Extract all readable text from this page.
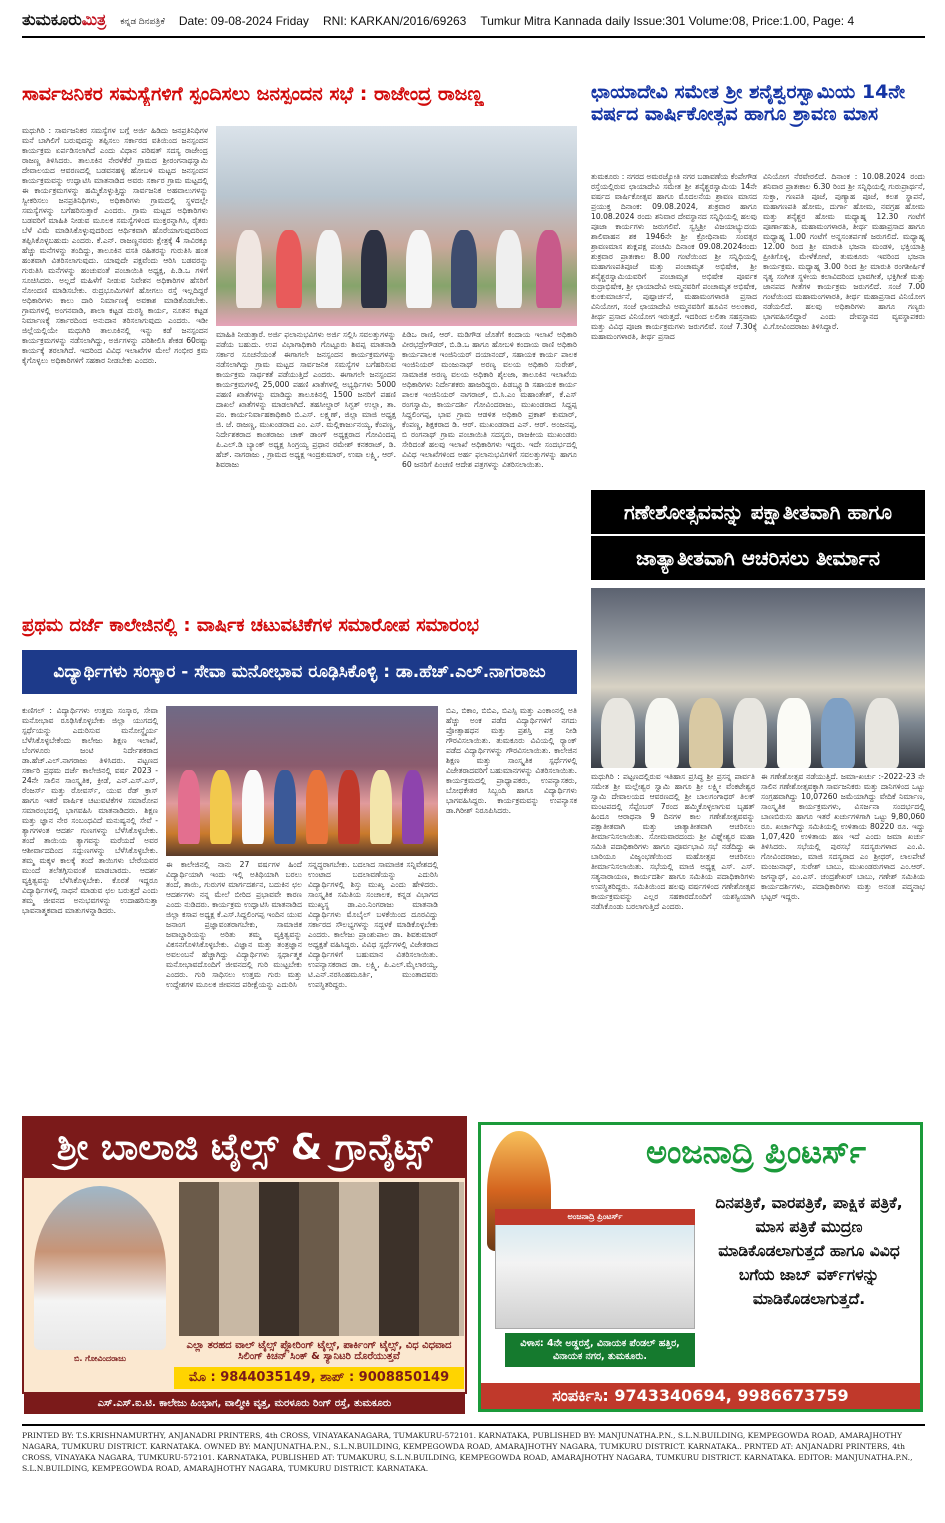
ತುಮಕೂರುಮಿತ್ರ ಕನ್ನಡ ದಿನಪತ್ರಿಕೆ Date: 09-08-2024 Friday RNI: KARKAN/2016/69263 Tumkur Mitra Kannada daily Issue:301 Volume:08, Price:1.00, Page: 4
ಸಾರ್ವಜನಿಕರ ಸಮಸ್ಯೆಗಳಿಗೆ ಸ್ಪಂದಿಸಲು ಜನಸ್ಪಂದನ ಸಭೆ : ರಾಜೇಂದ್ರ ರಾಜಣ್ಣ
ಮಧುಗಿರಿ : ಸಾರ್ವಜನಿಕರ ಸಮಸ್ಯೆಗಳ ಬಗ್ಗೆ ಅರ್ಜಿ ಹಿಡಿದು ಜನಪ್ರತಿನಿಧಿಗಳ ಮನೆ ಬಾಗಿಲಿಗೆ ಬರುವುದನ್ನು ತಪ್ಪಿಸಲು ಸರ್ಕಾರದ ವತಿಯಿಂದ ಜನಸ್ಪಂದನ ಕಾರ್ಯಕ್ರಮ ಏರ್ಪಡಿಸಲಾಗಿದೆ ಎಂದು ವಿಧಾನ ಪರಿಷತ್ ಸದಸ್ಯ ರಾಜೇಂದ್ರ ರಾಜಣ್ಣ ತಿಳಿಸಿದರು. ತಾಲೂಕಿನ ನೇರಳೆಕೆರೆ ಗ್ರಾಮದ ಶ್ರೀರಂಗನಾಥಸ್ವಾಮಿ ದೇವಾಲಯದ ಆವರಣದಲ್ಲಿ ಬಡವನಹಳ್ಳಿ ಹೋಬಳಿ ಮಟ್ಟದ ಜನಸ್ಪಂದನ ಕಾರ್ಯಕ್ರಮವನ್ನು ಉದ್ಘಾಟಿಸಿ ಮಾತನಾಡಿದ ಅವರು ಸರ್ಕಾರ ಗ್ರಾಮ ಮಟ್ಟದಲ್ಲಿ ಈ ಕಾರ್ಯಕ್ರಮಗಳನ್ನು ಹಮ್ಮಿಕೊಳ್ಳುತ್ತಿದ್ದು ಸಾರ್ವಜನಿಕ ಅಹವಾಲುಗಳನ್ನು ಸ್ವೀಕರಿಸಲು ಜನಪ್ರತಿನಿಧಿಗಳು, ಅಧಿಕಾರಿಗಳು ಗ್ರಾಮದಲ್ಲಿ ಸ್ಥಳದಲ್ಲೇ ಸಮಸ್ಯೆಗಳನ್ನು ಬಗೆಹರಿಸುತ್ತಾರೆ ಎಂದರು. ಗ್ರಾಮ ಮಟ್ಟದ ಅಧಿಕಾರಿಗಳು ಬಡವರಿಗೆ ಮಾಹಿತಿ ನೀಡುವ ಮೂಲಕ ಸಮಸ್ಯೆಗಳಿಂದ ಮುಕ್ತರನ್ನಾಗಿಸಿ, ರೈತರು ಬೆಳೆ ವಿಮೆ ಮಾಡಿಸಿಕೊಳ್ಳುವುದರಿಂದ ಆರ್ಥಿಕವಾಗಿ ಹೊರೆಯಾಗುವುದರಿಂದ ತಪ್ಪಿಸಿಕೊಳ್ಳಬಹುದು ಎಂದರು. ಕೆ.ಎನ್. ರಾಜಣ್ಣನವರು ಕ್ಷೇತ್ರಕ್ಕೆ 4 ಸಾವಿರಕ್ಕೂ ಹೆಚ್ಚು ಮನೆಗಳನ್ನು ತಂದಿದ್ದು, ತಾಲೂಕಿನ ವಸತಿ ರಹಿತರನ್ನು ಗುರುತಿಸಿ ಹಂತ ಹಂತವಾಗಿ ವಿತರಿಸಲಾಗುವುದು. ಯಾವುದೇ ಪಕ್ಷವೆಂದು ಆರಿಸಿ ಬಡವರನ್ನು ಗುರುತಿಸಿ ಮನೆಗಳನ್ನು ಹಂಚುವಂತೆ ಪಂಚಾಯಿತಿ ಅಧ್ಯಕ್ಷ, ಪಿ.ಡಿ.ಒ ಗಳಿಗೆ ಸೂಚಿಸಿದರು. ಅಲ್ಲದೆ ಮಹಿಳೆಗೆ ನೀಡುವ ನಿವೇಶನ ಅಧಿಕಾರಿಗಳ ಹೆಸರಿಗೆ ನೋಂದಣಿ ಮಾಡಿಸಬೇಕು. ರುದ್ರಭೂಮಿಗಳಿಗೆ ಹೋಗಲು ರಸ್ತೆ ಇಲ್ಲದಿದ್ದರೆ ಅಧಿಕಾರಿಗಳು ಕಾಲು ದಾರಿ ನಿರ್ಮಾಣಕ್ಕೆ ಅವಕಾಶ ಮಾಡಿಕೊಡಬೇಕು. ಗ್ರಾಮಗಳಲ್ಲಿ ಅಂಗನವಾಡಿ, ಶಾಲಾ ಕಟ್ಟಡ ದುರಸ್ಥಿ ಕಾರ್ಯ, ನೂತನ ಕಟ್ಟಡ ನಿರ್ಮಾಣಕ್ಕೆ ಸರ್ಕಾರದಿಂದ ಅನುದಾನ ತರಿಸಲಾಗುವುದು ಎಂದರು. ಇಡೀ ಜಿಲ್ಲೆಯಲ್ಲಿಯೇ ಮಧುಗಿರಿ ತಾಲೂಕಿನಲ್ಲಿ ಇನ್ನು ಕಡೆ ಜನಸ್ಪಂದನ ಕಾರ್ಯಕ್ರಮಗಳನ್ನು ನಡೆಸಲಾಗಿದ್ದು, ಅರ್ಜಿಗಳನ್ನು ಪರಿಶೀಲಿಸಿ ಶೇಕಡ 60ರಷ್ಟು ಕಾರ್ಯಕ್ಕೆ ತರಲಾಗಿದೆ. ಇದರಿಂದ ವಿವಿಧ ಇಲಾಖೆಗಳ ಮೇಲೆ ಗಂಭೀರ ಕ್ರಮ ಕೈಗೊಳ್ಳಲು ಅಧಿಕಾರಿಗಳಿಗೆ ಸಹಕಾರ ನೀಡಬೇಕು ಎಂದರು.
ಮಾಹಿತಿ ನೀಡುತ್ತಾರೆ. ಅರ್ಜಿ ಫಲಾನುಭವಿಗಳು ಅರ್ಜಿ ಸಲ್ಲಿಸಿ ಸವಲತ್ತುಗಳನ್ನು ಪಡೆಯ ಬಹುದು. ಉಪ ವಿಭಾಗಾಧಿಕಾರಿ ಗೊಟ್ಟೂರು ಶಿವಪ್ಪ ಮಾತನಾಡಿ ಸರ್ಕಾರ ಸೂಚನೆಯಂತೆ ಈಗಾಗಲೇ ಜನಸ್ಪಂದನ ಕಾರ್ಯಕ್ರಮಗಳನ್ನು ನಡೆಸಲಾಗಿದ್ದು ಗ್ರಾಮ ಮಟ್ಟದ ಸಾರ್ವಜನಿಕ ಸಮಸ್ಯೆಗಳ ಬಗೆಹರಿಸುವ ಕಾರ್ಯಕ್ರಮ ಸಾರ್ಥಕತೆ ಪಡೆಯುತ್ತಿದೆ ಎಂದರು. ಈಗಾಗಲೇ ಜನಸ್ಪಂದನ ಕಾರ್ಯಕ್ರಮಗಳಲ್ಲಿ 25,000 ಪಹಣಿ ಖಾತೆಗಳಲ್ಲಿ ಅಭ್ಯರ್ಥಿಗಳು 5000 ಪಹಣಿ ಖಾತೆಗಳನ್ನು ಮಾಡಿದ್ದು ತಾಲೂಕಿನಲ್ಲಿ 1500 ಜನರಿಗೆ ಪಹಣಿ ದಾಖಲೆ ಖಾತೆಗಳನ್ನು ಮಾಡಲಾಗಿದೆ. ತಹಸೀಲ್ದಾರ್ ಸಿಗ್ಬತ್ ಉಲ್ಲಾ, ತಾ. ಪಂ. ಕಾರ್ಯನಿರ್ವಾಹಕಾಧಿಕಾರಿ ಬಿ.ಎಸ್. ಲಕ್ಷ್ಮಣ್, ಜಿಲ್ಲಾ ಮಾಜಿ ಅಧ್ಯಕ್ಷ ಜಿ. ಜೆ. ರಾಜಣ್ಣ, ಮುಖಂಡರಾದ ಎಂ. ಎಸ್. ಮಲ್ಲಿಕಾರ್ಜುನಯ್ಯ, ಕೆಂಪಣ್ಣ, ನಿರ್ದೇಶಕರಾದ ಕಾಂತರಾಜು ಚಾಕ್ ಡಾಂಗ್ ಅಧ್ಯಕ್ಷರಾದ ಗೋವಿಂದಪ್ಪ ಪಿ.ಎಲ್.ಡಿ ಬ್ಯಾಂಕ್ ಅಧ್ಯಕ್ಷ ಸಿಂಗ್ರಯ್ಯ ಪ್ರಧಾನ ರಮೇಶ್ ಕನಕರಾಜ್, ಡಿ. ಹೆಚ್. ನಾಗರಾಜು , ಗ್ರಾಮದ ಅಧ್ಯಕ್ಷ ಇಂದ್ರಕುಮಾರ್, ಉಷಾ ಲಕ್ಷ್ಮಿ, ಆರ್. ಶಿವರಾಜು
ಪಿಡಿಒ ರಾಣಿ, ಆರ್. ಮಡಿಗೌಡ ಜೊತೆಗೆ ಕಂದಾಯ ಇಲಾಖೆ ಅಧಿಕಾರಿ ವೀರಭದ್ರೇಗೌಡರ್, ಬಿ.ಡಿ.ಒ ಹಾಗೂ ಹೋಬಳಿ ಕಂದಾಯ ಠಾಣಿ ಅಧಿಕಾರಿ ಕಾರ್ಯಪಾಲಕ ಇಂಜಿನಿಯರ್ ದಯಾನಂದ್, ಸಹಾಯಕ ಕಾರ್ಯ ಪಾಲಕ ಇಂಜಿನಿಯರ್ ಮಂಜುನಾಥ್ ಅರಣ್ಯ ವಲಯ ಅಧಿಕಾರಿ ಸುರೇಶ್, ಸಾಮಾಜಿಕ ಅರಣ್ಯ ವಲಯ ಅಧಿಕಾರಿ ಶೈಲಜಾ, ತಾಲೂಕಿನ ಇಲಾಖೆಯ ಅಧಿಕಾರಿಗಳು ನಿರ್ದೇಶಕರು ಹಾಜರಿದ್ದರು. ಪಿಡಬ್ಲ್ಯೂಡಿ ಸಹಾಯಕ ಕಾರ್ಯ ಪಾಲಕ ಇಂಜಿನಿಯರ್ ನಾಗರಾಜ್, ಬಿ.ಸಿ.ಎಂ ಮಹಾಂತೇಶ್, ಕೆ.ಎಸ್ ರಂಗಸ್ವಾಮಿ, ಕಾರ್ಯದರ್ಶಿ ಗೋವಿಂದರಾಜು, ಮುಖಂಡರಾದ ಸಿದ್ದಪ್ಪ ಸಿದ್ದಲಿಂಗಪ್ಪ, ಭಾವ ಗ್ರಾಮ ಆಡಳಿತ ಅಧಿಕಾರಿ ಪ್ರಕಾಶ್ ಕುಮಾರ್, ಕೆಂಪಣ್ಣ, ಶಿಕ್ಷಕರಾದ ಡಿ. ಆರ್. ಮುಖಂಡರಾದ ಎನ್. ಆರ್. ಅಂಜನಪ್ಪ, ಬಿ ರಂಗನಾಥ್ ಗ್ರಾಮ ಪಂಚಾಯಿತಿ ಸದಸ್ಯರು, ರಾಜಕೀಯ ಮುಖಂಡರು ಸೇರಿದಂತೆ ಹಲವು ಇಲಾಖೆ ಅಧಿಕಾರಿಗಳು ಇದ್ದರು. ಇದೇ ಸಂದರ್ಭದಲ್ಲಿ ವಿವಿಧ ಇಲಾಖೆಗಳಿಂದ ಅರ್ಹ ಫಲಾನುಭವಿಗಳಿಗೆ ಸವಲತ್ತುಗಳನ್ನು ಹಾಗೂ 60 ಜನರಿಗೆ ಪಿಂಚಣಿ ಆದೇಶ ಪತ್ರಗಳನ್ನು ವಿತರಿಸಲಾಯಿತು.
ಛಾಯಾದೇವಿ ಸಮೇತ ಶ್ರೀ ಶನೈಶ್ವರಸ್ವಾಮಿಯ 14ನೇ ವರ್ಷದ ವಾರ್ಷಿಕೋತ್ಸವ ಹಾಗೂ ಶ್ರಾವಣ ಮಾಸ
ತುಮಕೂರು : ನಗರದ ಅಮರಜ್ಯೋತಿ ನಗರ ಬಡಾವಣೆಯ ಕೆಂಪೇಗೌಡ ರಸ್ತೆಯಲ್ಲಿರುವ ಛಾಯಾದೇವಿ ಸಮೇತ ಶ್ರೀ ಶನೈಶ್ಚರಸ್ವಾಮಿಯ 14ನೇ ವರ್ಷದ ವಾರ್ಷಿಕೋತ್ಸವ ಹಾಗೂ ಮೊದಲನೆಯ ಶ್ರಾವಣ ಮಾಸದ ಪ್ರಯುಕ್ತ ದಿನಾಂಕ: 09.08.2024, ಶುಕ್ರವಾರ ಹಾಗೂ 10.08.2024 ರಂದು ಶನಿವಾರ ದೇವಸ್ಥಾನದ ಸನ್ನಿಧಿಯಲ್ಲಿ ಹಲವು ಪೂಜಾ ಕಾರ್ಯಗಳು ಜರುಗಲಿವೆ. ಸ್ವಸ್ತಿಶ್ರೀ ವಿಜಯಾಭ್ಯುದಯ ಶಾಲಿವಾಹನ ಶಕ 1946ನೇ ಶ್ರೀ ಕ್ರೋಧಿನಾಮ ಸಂವತ್ಸರ ಶ್ರಾವಣಮಾಸ ಶುಕ್ಲಪಕ್ಷ ಪಂಚಮಿ ದಿನಾಂಕ 09.08.2024ರಂದು ಶುಕ್ರವಾರ ಪ್ರಾತಃಕಾಲ 8.00 ಗಂಟೆಯಿಂದ ಶ್ರೀ ಸನ್ನಿಧಿಯಲ್ಲಿ ಮಹಾಗಣಪತಿಪೂಜೆ ಮತ್ತು ಪಂಚಾಮೃತ ಅಭಿಷೇಕ, ಶ್ರೀ ಶನೈಶ್ಚರಸ್ವಾಮಿಯವರಿಗೆ ಪಂಚಾಮೃತ ಅಭಿಷೇಕ ಪೂರ್ವಕ ರುದ್ರಾಭಿಷೇಕ, ಶ್ರೀ ಛಾಯಾದೇವಿ ಅಮ್ಮನವರಿಗೆ ಪಂಚಾಮೃತ ಅಭಿಷೇಕ, ಕುಂಕುಮಾರ್ಚನೆ, ಪುಷ್ಪಾರ್ಚನೆ, ಮಹಾಮಂಗಳಾರತಿ ಪ್ರಸಾದ ವಿನಿಯೋಗ, ಸಂಜೆ ಛಾಯಾದೇವಿ ಅಮ್ಮನವರಿಗೆ ಹೂವಿನ ಅಲಂಕಾರ, ತೀರ್ಥ ಪ್ರಸಾದ ವಿನಿಯೋಗ ಇರುತ್ತದೆ. ಇದರಿಂದ ಲಲಿತಾ ಸಹಸ್ರನಾಮ ಮತ್ತು ವಿವಿಧ ಪೂಜಾ ಕಾರ್ಯಕ್ರಮಗಳು ಜರುಗಲಿವೆ. ಸಂಜೆ 7.30ಕ್ಕೆ ಮಹಾಮಂಗಳಾರತಿ, ತೀರ್ಥ ಪ್ರಸಾದ
ವಿನಿಯೋಗ ನೆರವೇರಲಿದೆ. ದಿನಾಂಕ : 10.08.2024 ರಂದು ಶನಿವಾರ ಪ್ರಾತಃಕಾಲ 6.30 ರಿಂದ ಶ್ರೀ ಸನ್ನಿಧಿಯಲ್ಲಿ ಗುರುಪ್ರಾರ್ಥನೆ, ಸುಕ್ತಾ, ಗಣಪತಿ ಪೂಜೆ, ಪುಣ್ಯಾಹ ಪೂಜೆ, ಕಲಶ ಸ್ಥಾಪನೆ, ಮಹಾಗಣಪತಿ ಹೋಮ, ದುರ್ಗಾ ಹೋಮ, ನವಗ್ರಹ ಹೋಮ ಮತ್ತು ಶನೈಶ್ಚರ ಹೋಮ ಮಧ್ಯಾಹ್ನ 12.30 ಗಂಟೆಗೆ ಪೂರ್ಣಾಹುತಿ, ಮಹಾಮಂಗಳಾರತಿ, ತೀರ್ಥ ಮಹಾಪ್ರಸಾದ ಹಾಗೂ ಮಧ್ಯಾಹ್ನ 1.00 ಗಂಟೆಗೆ ಅನ್ನಸಂತರ್ಪಣೆ ಜರುಗಲಿದೆ. ಮಧ್ಯಾಹ್ನ 12.00 ರಿಂದ ಶ್ರೀ ಮಾರುತಿ ಭಜನಾ ಮಂಡಳಿ, ಭಕ್ತಿಯಾತ್ರಿ ಪ್ರೀತಿಗೊಳ್ಳಿ, ಮೇಳೆಕೋಟೆ, ತುಮಕೂರು ಇವರಿಂದ ಭಜನಾ ಕಾರ್ಯಕ್ರಮ. ಮಧ್ಯಾಹ್ನ 3.00 ರಿಂದ ಶ್ರೀ ಮಾರುತಿ ರಂಗಶೀರ್ಷಿಕೆ ನೃತ್ಯ ಸಂಗೀತ ಸ್ಥಳೀಯ ಕಲಾವಿದರಿಂದ ಭಾವಗೀತೆ, ಭಕ್ತಿಗೀತೆ ಮತ್ತು ಜಾನಪದ ಗೀತೆಗಳ ಕಾರ್ಯಕ್ರಮ ಜರುಗಲಿದೆ. ಸಂಜೆ 7.00 ಗಂಟೆಯಿಂದ ಮಹಾಮಂಗಳಾರತಿ, ತೀರ್ಥ ಮಹಾಪ್ರಸಾದ ವಿನಿಯೋಗ ನಡೆಯಲಿದೆ. ಹಲವು ಅಧಿಕಾರಿಗಳು ಹಾಗೂ ಗಣ್ಯರು ಭಾಗವಹಿಸಲಿದ್ದಾರೆ ಎಂದು ದೇವಸ್ಥಾನದ ವ್ಯವಸ್ಥಾಪಕರು ವಿ.ಗೋವಿಂದರಾಜು ತಿಳಿಸಿದ್ದಾರೆ.
ಗಣೇಶೋತ್ಸವವನ್ನು ಪಕ್ಷಾತೀತವಾಗಿ ಹಾಗೂ
ಜಾತ್ಯಾತೀತವಾಗಿ ಆಚರಿಸಲು ತೀರ್ಮಾನ
ಮಧುಗಿರಿ : ಪಟ್ಟಣದಲ್ಲಿರುವ ಇತಿಹಾಸ ಪ್ರಸಿದ್ಧ ಶ್ರೀ ಪ್ರಸನ್ನ ಪಾರ್ವತಿ ಸಮೇತ ಶ್ರೀ ಮಲ್ಲೇಶ್ವರ ಸ್ವಾಮಿ ಹಾಗೂ ಶ್ರೀ ಲಕ್ಷ್ಮೀ ವೆಂಕಟೇಶ್ವರ ಸ್ವಾಮಿ ದೇವಾಲಯದ ಆವರಣದಲ್ಲಿ ಶ್ರೀ ಬಾಲಗಂಗಾಧರ್ ತಿಲಕ್ ಮಂಟಪದಲ್ಲಿ ಸೆಪ್ಟೆಂಬರ್ 7ರಂದ ಹಮ್ಮಿಕೊಳ್ಳಲಾಗುವ ಬೃಹತ್ ಹಿಂದೂ ಆರಾಧನಾ 9 ದಿನಗಳ ಕಾಲ ಗಣೇಶೋತ್ಸವವನ್ನು ಪಕ್ಷಾತೀತವಾಗಿ ಮತ್ತು ಜಾತ್ಯಾತೀತವಾಗಿ ಆಚರಿಸಲು ತೀರ್ಮಾನಿಸಲಾಯಿತು. ಸೋಮವಾರದಂದು ಶ್ರೀ ವಿಘ್ನೇಶ್ವರ ಮಹಾ ಸಮಿತಿ ಪದಾಧಿಕಾರಿಗಳು ಹಾಗೂ ಪೂರ್ವಭಾವಿ ಸಭೆ ನಡೆದಿದ್ದು ಈ ಬಾರಿಯೂ ವಿಜೃಂಭಣೆಯಿಂದ ಮಹೋತ್ಸವ ಆಚರಿಸಲು ತೀರ್ಮಾನಿಸಲಾಯಿತು. ಸಭೆಯಲ್ಲಿ ಮಾಜಿ ಅಧ್ಯಕ್ಷ ಎಸ್. ಎಸ್. ಸತ್ಯನಾರಾಯಣ, ಕಾರ್ಯದರ್ಶಿ ಹಾಗೂ ಸಮಿತಿಯ ಪದಾಧಿಕಾರಿಗಳು ಉಪಸ್ಥಿತರಿದ್ದರು. ಸಮಿತಿಯಿಂದ ಹಲವು ವರ್ಷಗಳಿಂದ ಗಣೇಶೋತ್ಸವ ಕಾರ್ಯಕ್ರಮವನ್ನು ಎಲ್ಲರ ಸಹಕಾರದೊಂದಿಗೆ ಯಶಸ್ವಿಯಾಗಿ ನಡೆಸಿಕೊಂಡು ಬರಲಾಗುತ್ತಿದೆ ಎಂದರು.
ಈ ಗಣೇಶೋತ್ಸವ ನಡೆಯುತ್ತಿದೆ. ಜಮಾ-ಖರ್ಚು :-2022-23 ನೇ ಸಾಲಿನ ಗಣೇಶೋತ್ಸವಕ್ಕಾಗಿ ಸಾರ್ವಜನಿಕರು ಮತ್ತು ದಾನಿಗಳಿಂದ ಒಟ್ಟು ಸಂಗ್ರಹವಾಗಿದ್ದು 10,07260 ಜಮೆಯಾಗಿದ್ದು ವೇದಿಕೆ ನಿರ್ಮಾಣ, ಸಾಂಸ್ಕೃತಿಕ ಕಾರ್ಯಕ್ರಮಗಳು, ವಿಸರ್ಜನಾ ಸಂದರ್ಭದಲ್ಲಿ ಬಾಣಬಿರುಸು ಹಾಗೂ ಇತರೆ ಖರ್ಚುಗಳಿಗಾಗಿ ಒಟ್ಟು 9,80,060 ರೂ. ಖರ್ಚಾಗಿದ್ದು ಸಮಿತಿಯಲ್ಲಿ ಉಳಿತಾಯ 80220 ರೂ. ಇದ್ದು 1,07,420 ಉಳಿತಾಯ ಹಣ ಇದೆ ಎಂದು ಜಮಾ ಖರ್ಚು ತಿಳಿಸಿದರು. ಸಭೆಯಲ್ಲಿ ಪುರಸಭೆ ಸದಸ್ಯರುಗಳಾದ ಎಂ.ವಿ. ಗೋವಿಂದರಾಜು, ಮಾಜಿ ಸದಸ್ಯರಾದ ಎಂ ಶ್ರೀಧರ್, ಲಾಲಪೇಟೆ ಮಂಜುನಾಥ್, ಸುರೇಶ್ ಬಾಬು, ಮುಖಂಡರುಗಳಾದ ಎಂ.ಆರ್. ಜಗನ್ನಾಥ್, ಎಂ.ಎಸ್. ಚಂದ್ರಶೇಖರ್ ಬಾಬು, ಗಣೇಶ್ ಸಮಿತಿಯ ಕಾರ್ಯದರ್ಶಿಗಳು, ಪದಾಧಿಕಾರಿಗಳು ಮತ್ತು ಅನಂತ ಪದ್ಮನಾಭ ಭಟ್ಟರ್ ಇದ್ದರು.
ಪ್ರಥಮ ದರ್ಜೆ ಕಾಲೇಜಿನಲ್ಲಿ : ವಾರ್ಷಿಕ ಚಟುವಟಿಕೆಗಳ ಸಮಾರೋಪ ಸಮಾರಂಭ
ವಿದ್ಯಾರ್ಥಿಗಳು ಸಂಸ್ಕಾರ - ಸೇವಾ ಮನೋಭಾವ ರೂಢಿಸಿಕೊಳ್ಳಿ : ಡಾ.ಹೆಚ್.ಎಲ್.ನಾಗರಾಜು
ಕುಣಿಗಲ್ : ವಿದ್ಯಾರ್ಥಿಗಳು ಉತ್ತಮ ಸಂಸ್ಕಾರ, ಸೇವಾ ಮನೋಭಾವ ರೂಢಿಸಿಕೊಳ್ಳಬೇಕು ಜಿಲ್ಲಾ ಯುಗದಲ್ಲಿ ಸ್ಪರ್ಧೆಯನ್ನು ಎದುರಿಸುವ ಮನೋಸ್ಥೈರ್ಯ ಬೆಳೆಸಿಕೊಳ್ಳಬೇಕೆಂದು ಕಾಲೇಜು ಶಿಕ್ಷಣ ಇಲಾಖೆ, ಬೆಂಗಳೂರು ಜಂಟಿ ನಿರ್ದೇಶಕರಾದ ಡಾ.ಹೆಚ್.ಎಲ್.ನಾಗರಾಜು ತಿಳಿಸಿದರು. ಪಟ್ಟಣದ ಸರ್ಕಾರಿ ಪ್ರಥಮ ದರ್ಜೆ ಕಾಲೇಜಿನಲ್ಲಿ ವರ್ಷ 2023 - 24ನೇ ಸಾಲಿನ ಸಾಂಸ್ಕೃತಿಕ, ಕ್ರೀಡೆ, ಎನ್.ಎಸ್.ಎಸ್, ರೆಂಜರ್ಸ್ ಮತ್ತು ರೋವರ್ಸ್, ಯುವ ರೆಡ್ ಕ್ರಾಸ್ ಹಾಗೂ ಇತರೆ ವಾರ್ಷಿಕ ಚಟುವಟಿಕೆಗಳ ಸಮಾರೋಪ ಸಮಾರಂಭದಲ್ಲಿ ಭಾಗವಹಿಸಿ ಮಾತನಾಡಿದರು. ಶಿಕ್ಷಣ ಮತ್ತು ಜ್ಞಾನ ನೇರ ಸಂಬಂಧವಿದೆ ಮನುಷ್ಯನಲ್ಲಿ ಸೇವೆ - ತ್ಯಾಗಗಳಂತ ಆದರ್ಶ ಗುಣಗಳನ್ನು ಬೆಳೆಸಿಕೊಳ್ಳಬೇಕು. ತಂದೆ ತಾಯಿಯ ತ್ಯಾಗವನ್ನು ಮರೆಯದೆ ಅವರ ಆಶೀರ್ವಾದದಿಂದ ಸದ್ಗುಣಗಳನ್ನು ಬೆಳೆಸಿಕೊಳ್ಳಬೇಕು. ತಮ್ಮ ಮಕ್ಕಳ ಕಾಲಕ್ಕೆ ತಂದೆ ತಾಯಿಗಳು ಬೇರೆಯವರ ಮುಂದೆ ತಲೆತಗ್ಗಿಸುವಂತೆ ಮಾಡಬಾರದು. ಆದರ್ಶ ವ್ಯಕ್ತಿತ್ವವನ್ನು ಬೆಳೆಸಿಕೊಳ್ಳಬೇಕು. ಕೊರತೆ ಇದ್ದರೂ ವಿದ್ಯಾರ್ಥಿಗಳಲ್ಲಿ ಸಾಧನೆ ಮಾಡುವ ಛಲ ಬರುತ್ತದೆ ಎಂದು ತಮ್ಮ ಜೀವನದ ಅನುಭವಗಳನ್ನು ಉದಾಹರಿಸುತ್ತಾ ಭಾವನಾತ್ಮಕವಾದ ಮಾತುಗಳನ್ನಾಡಿದರು.
ಈ ಕಾಲೇಜಿನಲ್ಲಿ ನಾನು 27 ವರ್ಷಗಳ ಹಿಂದೆ ವಿದ್ಯಾರ್ಥಿಯಾಗಿ ಇಂದು ಇಲ್ಲಿ ಅತಿಥಿಯಾಗಿ ಬರಲು ತಂದೆ, ತಾಯಿ, ಗುರುಗಳ ಮಾರ್ಗದರ್ಶನ, ಬದುಕಿನ ಛಲ ಆದರ್ಶಗಳು ನನ್ನ ಮೇಲೆ ಬೀರಿದ ಪ್ರಭಾವವೇ ಕಾರಣ ಎಂದು ನುಡಿದರು. ಕಾರ್ಯಕ್ರಮ ಉದ್ಘಾಟಿಸಿ ಮಾತನಾಡಿದ ಜಿಲ್ಲಾ ಕಸಾಪ ಅಧ್ಯಕ್ಷ ಕೆ.ಎಸ್.ಸಿದ್ದಲಿಂಗಪ್ಪ ಇಂದಿನ ಯುವ ಜನಾಂಗ ಪ್ರಜ್ಞಾವಂತರಾಗಬೇಕು, ಸಾಮಾಜಿಕ ಜವಾಬ್ದಾರಿಯನ್ನು ಅರಿತು ತಮ್ಮ ವ್ಯಕ್ತಿತ್ವವನ್ನು ವಿಕಸನಗೊಳಿಸಿಕೊಳ್ಳಬೇಕು. ವಿಜ್ಞಾನ ಮತ್ತು ತಂತ್ರಜ್ಞಾನ ಅವಲಂಬನೆ ಹೆಚ್ಚಾಗಿದ್ದು ವಿದ್ಯಾರ್ಥಿಗಳು ಸ್ಪರ್ಧಾತ್ಮಕ ಮನೋಭಾವದೊಂದಿಗೆ ಜೀವನದಲ್ಲಿ ಗುರಿ ಮುಟ್ಟಬೇಕು ಎಂದರು. ಗುರಿ ಸಾಧಿಸಲು ಉತ್ತಮ ಗುರು ಮತ್ತು ಉದ್ದೇಶಗಳ ಮೂಲಕ ಜೀವನದ ಪರೀಕ್ಷೆಯನ್ನು ಎದುರಿಸಿ
ಸನ್ನದ್ಧರಾಗಬೇಕು. ಬದಲಾದ ಸಾಮಾಜಿಕ ಸನ್ನಿವೇಶದಲ್ಲಿ ಉಂಟಾದ ಬದಲಾವಣೆಯನ್ನು ಎದುರಿಸಿ ವಿದ್ಯಾರ್ಥಿಗಳಲ್ಲಿ ಶಿಸ್ತು ಮುಖ್ಯ ಎಂದು ಹೇಳಿದರು. ಸಾಂಸ್ಕೃತಿಕ ಸಮಿತಿಯ ಸಂಚಾಲಕ, ಕನ್ನಡ ವಿಭಾಗದ ಮುಖ್ಯಸ್ಥ ಡಾ.ಎಂ.ನಿಂಗರಾಜು ಮಾತನಾಡಿ ವಿದ್ಯಾರ್ಥಿಗಳು ಮೊಬೈಲ್ ಬಳಕೆಯಿಂದ ದೂರವಿದ್ದು ಸರ್ಕಾರದ ಸೌಲಭ್ಯಗಳನ್ನು ಸದ್ಬಳಕೆ ಮಾಡಿಕೊಳ್ಳಬೇಕು ಎಂದರು. ಕಾಲೇಜು ಪ್ರಾಂಶುಪಾಲ ಡಾ. ಶಿವಕುಮಾರ್ ಅಧ್ಯಕ್ಷತೆ ವಹಿಸಿದ್ದರು. ವಿವಿಧ ಸ್ಪರ್ಧೆಗಳಲ್ಲಿ ವಿಜೇತರಾದ ವಿದ್ಯಾರ್ಥಿಗಳಿಗೆ ಬಹುಮಾನ ವಿತರಿಸಲಾಯಿತು. ಉಪನ್ಯಾಸಕರಾದ ಡಾ. ಲಕ್ಷ್ಮಿ, ಪಿ.ಎಲ್.ಮೈಲಾರಯ್ಯ, ಟಿ.ಎನ್.ನರಸಿಂಹಮೂರ್ತಿ, ಮುಂತಾದವರು ಉಪಸ್ಥಿತರಿದ್ದರು.
ಬಿಎ, ಬಿಕಾಂ, ಬಿಬಿಎ, ಬಿಎಸ್ಸಿ ಮತ್ತು ಎಂಕಾಂನಲ್ಲಿ ಅತಿ ಹೆಚ್ಚು ಅಂಕ ಪಡೆದ ವಿದ್ಯಾರ್ಥಿಗಳಿಗೆ ನಗದು ಪ್ರೋತ್ಸಾಹಧನ ಮತ್ತು ಪ್ರಶಸ್ತಿ ಪತ್ರ ನೀಡಿ ಗೌರವಿಸಲಾಯಿತು. ತುಮಕೂರು ವಿವಿಯಲ್ಲಿ ರ‍್ಯಾಂಕ್ ಪಡೆದ ವಿದ್ಯಾರ್ಥಿಗಳನ್ನು ಗೌರವಿಸಲಾಯಿತು. ಕಾಲೇಜಿನ ಶಿಕ್ಷಣ ಮತ್ತು ಸಾಂಸ್ಕೃತಿಕ ಸ್ಪರ್ಧೆಗಳಲ್ಲಿ ವಿಜೇತರಾದವರಿಗೆ ಬಹುಮಾನಗಳನ್ನು ವಿತರಿಸಲಾಯಿತು. ಕಾರ್ಯಕ್ರಮದಲ್ಲಿ ಪ್ರಾಧ್ಯಾಪಕರು, ಉಪನ್ಯಾಸಕರು, ಬೋಧಕೇತರ ಸಿಬ್ಬಂದಿ ಹಾಗೂ ವಿದ್ಯಾರ್ಥಿಗಳು ಭಾಗವಹಿಸಿದ್ದರು. ಕಾರ್ಯಕ್ರಮವನ್ನು ಉಪನ್ಯಾಸಕ ಡಾ.ಗಿರೀಶ್ ನಿರೂಪಿಸಿದರು.
ಶ್ರೀ ಬಾಲಾಜಿ ಟೈಲ್ಸ್ & ಗ್ರಾನೈಟ್ಸ್
ಬಿ. ಗೋವಿಂದರಾಜು
ಎಲ್ಲಾ ತರಹದ ವಾಲ್ ಟೈಲ್ಸ್ ಪ್ಲೋರಿಂಗ್ ಟೈಲ್ಸ್, ಪಾರ್ಕಿಂಗ್ ಟೈಲ್ಸ್, ವಿಧ ವಿಧವಾದ ಸಿಲಿಂಗ್ ಕಿಚನ್ ಸಿಂಕ್ & ಸ್ಯಾನಿಟರಿ ದೊರೆಯುತ್ತವೆ
ಮೊ : 9844035149, ಶಾಪ್ : 9008850149
ಎಸ್.ಎಸ್.ಐ.ಟಿ. ಕಾಲೇಜು ಹಿಂಭಾಗ, ವಾಲ್ಮೀಕಿ ವೃತ್ತ, ಮರಳೂರು ರಿಂಗ್ ರಸ್ತೆ, ತುಮಕೂರು
ಅಂಜನಾದ್ರಿ ಪ್ರಿಂಟರ್ಸ್
ಅಂಜನಾದ್ರಿ ಪ್ರಿಂಟರ್ಸ್
ವಿಳಾಸ: 4ನೇ ಅಡ್ಡರಸ್ತೆ, ವಿನಾಯಕ ಪೆಂಡಲ್ ಹತ್ತಿರ, ವಿನಾಯಕ ನಗರ, ತುಮಕೂರು.
ದಿನಪತ್ರಿಕೆ, ವಾರಪತ್ರಿಕೆ, ಪಾಕ್ಷಿಕ ಪತ್ರಿಕೆ, ಮಾಸ ಪತ್ರಿಕೆ ಮುದ್ರಣ ಮಾಡಿಕೊಡಲಾಗುತ್ತದೆ ಹಾಗೂ ವಿವಿಧ ಬಗೆಯ ಜಾಬ್ ವರ್ಕ್‌ಗಳನ್ನು ಮಾಡಿಕೊಡಲಾಗುತ್ತದೆ.
ಸಂಪರ್ಕಿಸಿ: 9743340694, 9986673759
PRINTED BY: T.S.KRISHNAMURTHY, ANJANADRI PRINTERS, 4th CROSS, VINAYAKANAGARA, TUMAKURU-572101. KARNATAKA, PUBLISHED BY: MANJUNATHA.P.N., S.L.N.BUILDING, KEMPEGOWDA ROAD, AMARAJHOTHY NAGARA, TUMKURU DISTRICT. KARNATAKA. OWNED BY: MANJUNATHA.P.N., S.L.N.BUILDING, KEMPEGOWDA ROAD, AMARAJHOTHY NAGARA, TUMKURU DISTRICT. KARNATAKA.. PRNTED AT: ANJANADRI PRINTERS, 4th CROSS, VINAYAKA NAGARA, TUMKURU-572101. KARNATAKA, PUBLISHED AT: TUMAKURU, S.L.N.BUILDING, KEMPEGOWDA ROAD, AMARAJHOTHY NAGARA, TUMKURU DISTRICT. KARNATAKA. EDITOR: MANJUNATHA.P.N., S.L.N.BUILDING, KEMPEGOWDA ROAD, AMARAJHOTHY NAGARA, TUMKURU DISTRICT. KARNATAKA.
